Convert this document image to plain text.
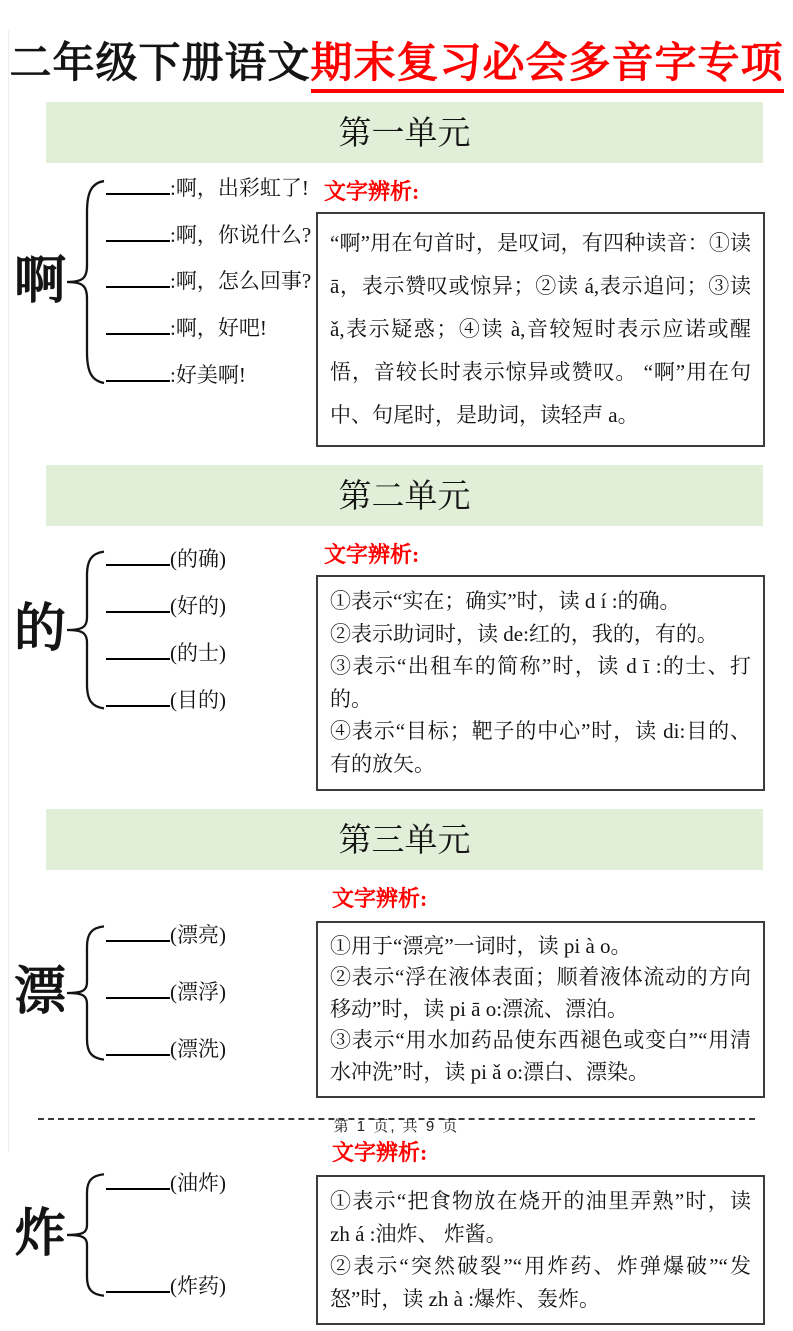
二年级下册语文期末复习必会多音字专项
第一单元
啊
:啊，出彩虹了!
:啊，你说什么?
:啊，怎么回事?
:啊，好吧!
:好美啊!
文字辨析:

“啊”用在句首时，是叹词，有四种读音：①读 ā，表示赞叹或惊异；②读 á,表示追问；③读 ǎ,表示疑惑；④读 à,音较短时表示应诺或醒悟，音较长时表示惊异或赞叹。 “啊”用在句中、句尾时，是助词，读轻声 a。

第二单元
的
(的确)
(好的)
(的士)
(目的)
文字辨析:

①表示“实在；确实”时，读 d í :的确。

②表示助词时，读 de:红的，我的，有的。

③表示“出租车的简称”时，读 d ī :的士、打的。

④表示“目标；靶子的中心”时，读 di:目的、有的放矢。

第三单元
漂
(漂亮)
(漂浮)
(漂洗)
文字辨析:

①用于“漂亮”一词时，读 pi à o。

②表示“浮在液体表面；顺着液体流动的方向移动”时，读 pi ā o:漂流、漂泊。

③表示“用水加药品使东西褪色或变白”“用清水冲洗”时，读 pi ǎ o:漂白、漂染。

炸
(油炸)
(炸药)
文字辨析:

①表示“把食物放在烧开的油里弄熟”时，读 zh á :油炸、 炸酱。

②表示“突然破裂”“用炸药、炸弹爆破”“发怒”时，读 zh à :爆炸、轰炸。

第 1 页, 共 9 页
